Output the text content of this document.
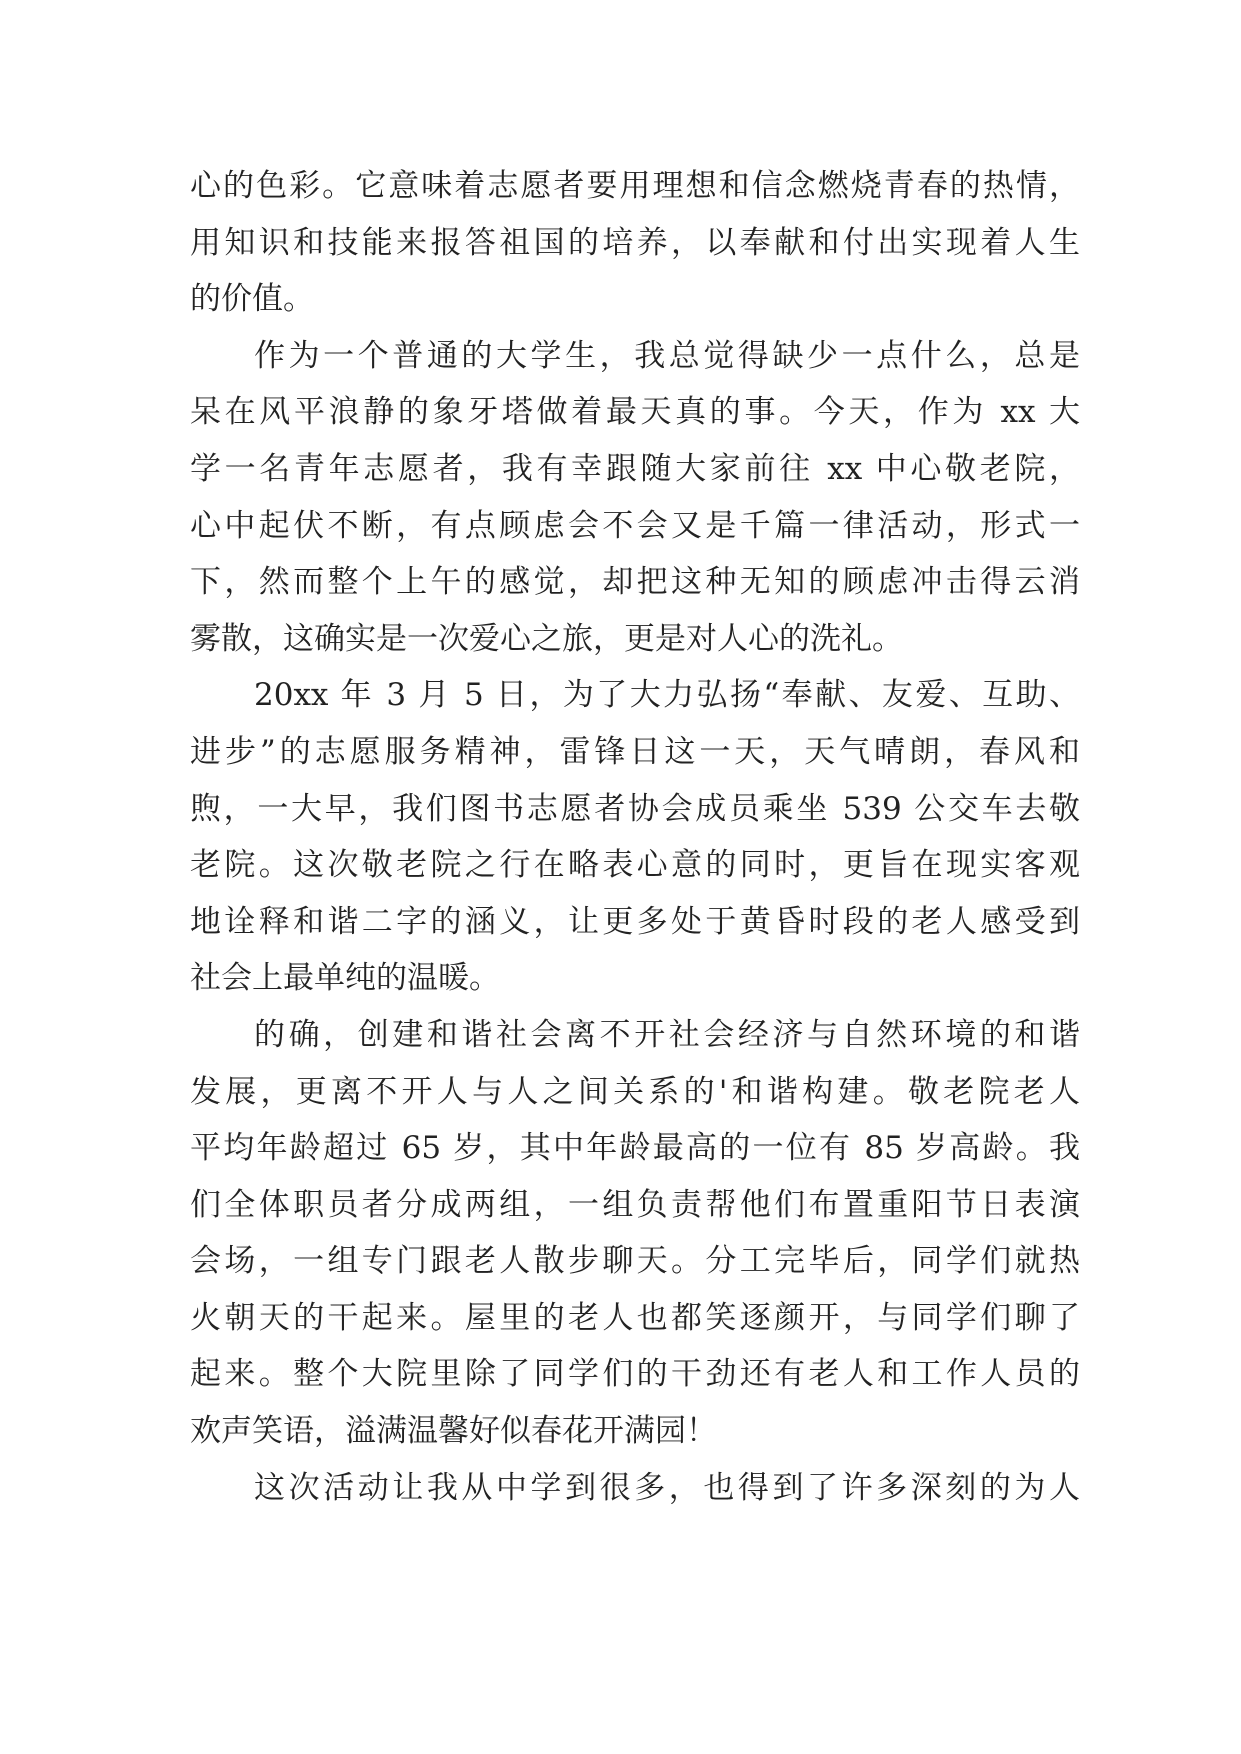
心的色彩。它意味着志愿者要用理想和信念燃烧青春的热情，
用知识和技能来报答祖国的培养，以奉献和付出实现着人生
的价值。

作为一个普通的大学生，我总觉得缺少一点什么，总是
呆在风平浪静的象牙塔做着最天真的事。今天，作为 xx 大
学一名青年志愿者，我有幸跟随大家前往 xx 中心敬老院，
心中起伏不断，有点顾虑会不会又是千篇一律活动，形式一
下，然而整个上午的感觉，却把这种无知的顾虑冲击得云消
雾散，这确实是一次爱心之旅，更是对人心的洗礼。

20xx 年 3 月 5 日，为了大力弘扬“奉献、友爱、互助、
进步”的志愿服务精神，雷锋日这一天，天气晴朗，春风和
煦，一大早，我们图书志愿者协会成员乘坐 539 公交车去敬
老院。这次敬老院之行在略表心意的同时，更旨在现实客观
地诠释和谐二字的涵义，让更多处于黄昏时段的老人感受到
社会上最单纯的温暖。

的确，创建和谐社会离不开社会经济与自然环境的和谐
发展，更离不开人与人之间关系的'和谐构建。敬老院老人
平均年龄超过 65 岁，其中年龄最高的一位有 85 岁高龄。我
们全体职员者分成两组，一组负责帮他们布置重阳节日表演
会场，一组专门跟老人散步聊天。分工完毕后，同学们就热
火朝天的干起来。屋里的老人也都笑逐颜开，与同学们聊了
起来。整个大院里除了同学们的干劲还有老人和工作人员的
欢声笑语，溢满温馨好似春花开满园！

这次活动让我从中学到很多，也得到了许多深刻的为人
